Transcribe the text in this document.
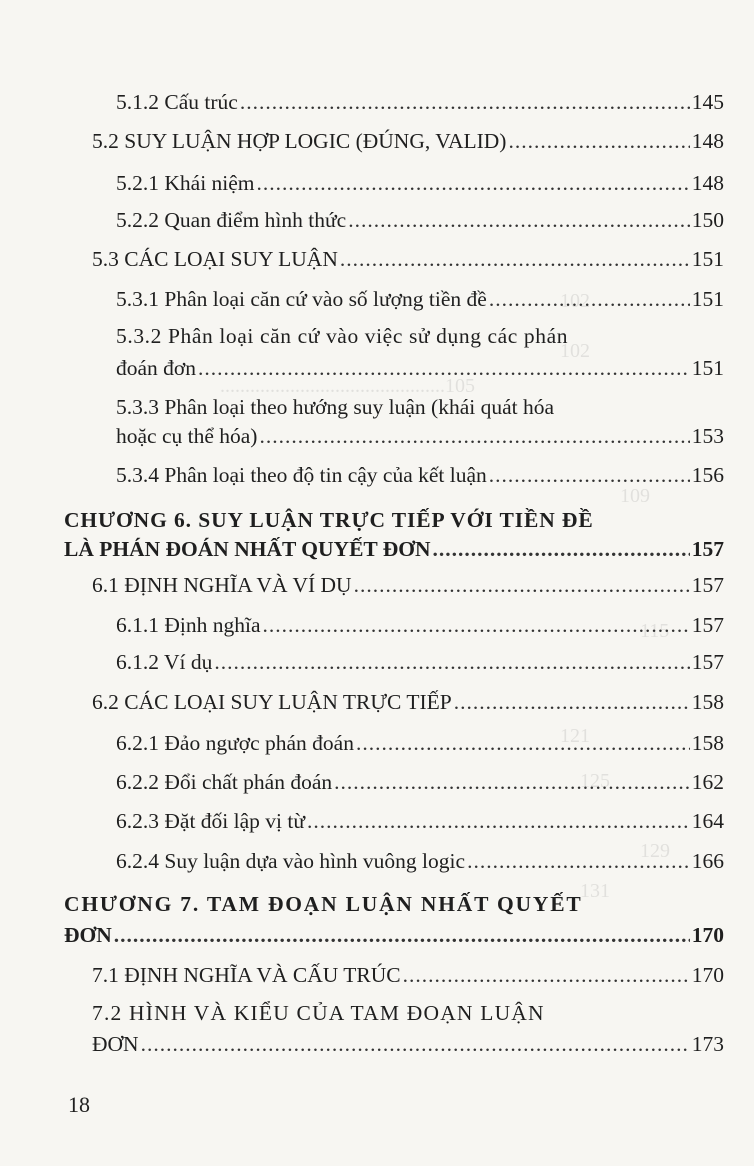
102
102
.............................................105
109
115
121
125
129
131
5.1.2 Cấu trúc .....	145
5.2 SUY LUẬN HỢP LOGIC (ĐÚNG, VALID) .....	148
5.2.1 Khái niệm .....	148
5.2.2 Quan điểm hình thức .....	150
5.3 CÁC LOẠI SUY LUẬN .....	151
5.3.1 Phân loại căn cứ vào số lượng tiền đề .....	151
5.3.2 Phân loại căn cứ vào việc sử dụng các phán
đoán đơn .....	151
5.3.3 Phân loại theo hướng suy luận (khái quát hóa
hoặc cụ thể hóa) .....	153
5.3.4 Phân loại theo độ tin cậy của kết luận .....	156
CHƯƠNG 6. SUY LUẬN TRỰC TIẾP VỚI TIỀN ĐỀ
LÀ PHÁN ĐOÁN NHẤT QUYẾT ĐƠN .....	157
6.1 ĐỊNH NGHĨA VÀ VÍ DỤ .....	157
6.1.1 Định nghĩa .....	157
6.1.2 Ví dụ .....	157
6.2 CÁC LOẠI SUY LUẬN TRỰC TIẾP .....	158
6.2.1 Đảo ngược phán đoán .....	158
6.2.2 Đổi chất phán đoán .....	162
6.2.3 Đặt đối lập vị từ .....	164
6.2.4 Suy luận dựa vào hình vuông logic .....	166
CHƯƠNG 7. TAM ĐOẠN LUẬN NHẤT QUYẾT
ĐƠN .....	170
7.1 ĐỊNH NGHĨA VÀ CẤU TRÚC .....	170
7.2 HÌNH VÀ KIỂU CỦA TAM ĐOẠN LUẬN
ĐƠN .....	173
18
